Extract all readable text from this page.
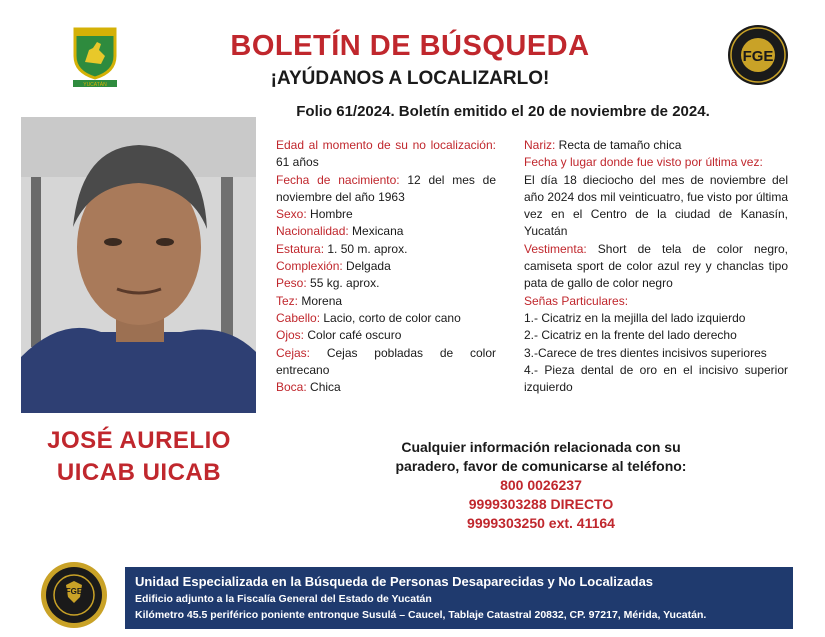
YUCATÁN
FGE
BOLETÍN DE BÚSQUEDA
¡AYÚDANOS A LOCALIZARLO!
Folio 61/2024. Boletín emitido el 20 de noviembre de 2024.
JOSÉ AURELIO
UICAB UICAB
Edad al momento de su no localización: 61 años
Fecha de nacimiento: 12 del mes de noviembre del año 1963
Sexo: Hombre
Nacionalidad: Mexicana
Estatura: 1. 50 m. aprox.
Complexión: Delgada
Peso: 55 kg. aprox.
Tez: Morena
Cabello: Lacio, corto de color cano
Ojos: Color café oscuro
Cejas: Cejas pobladas de color entrecano
Boca: Chica
Nariz: Recta de tamaño chica
Fecha y lugar donde fue visto por última vez:
El día 18 dieciocho del mes de noviembre del año 2024 dos mil veinticuatro, fue visto por última vez en el Centro de la ciudad de Kanasín, Yucatán
Vestimenta: Short de tela de color negro, camiseta sport de color azul rey y chanclas tipo pata de gallo de color negro
Señas Particulares:
1.- Cicatriz en la mejilla del lado izquierdo
2.- Cicatriz en la frente del lado derecho
3.-Carece de tres dientes incisivos superiores
4.- Pieza dental de oro en el incisivo superior izquierdo
Cualquier información relacionada con su
paradero, favor de comunicarse al teléfono:
800 0026237
9999303288 DIRECTO
9999303250 ext. 41164
FGE
Unidad Especializada en la Búsqueda de Personas Desaparecidas y No Localizadas
Edificio adjunto a la Fiscalía General del Estado de Yucatán
Kilómetro 45.5 periférico poniente entronque Susulá – Caucel, Tablaje Catastral 20832, CP. 97217, Mérida, Yucatán.
